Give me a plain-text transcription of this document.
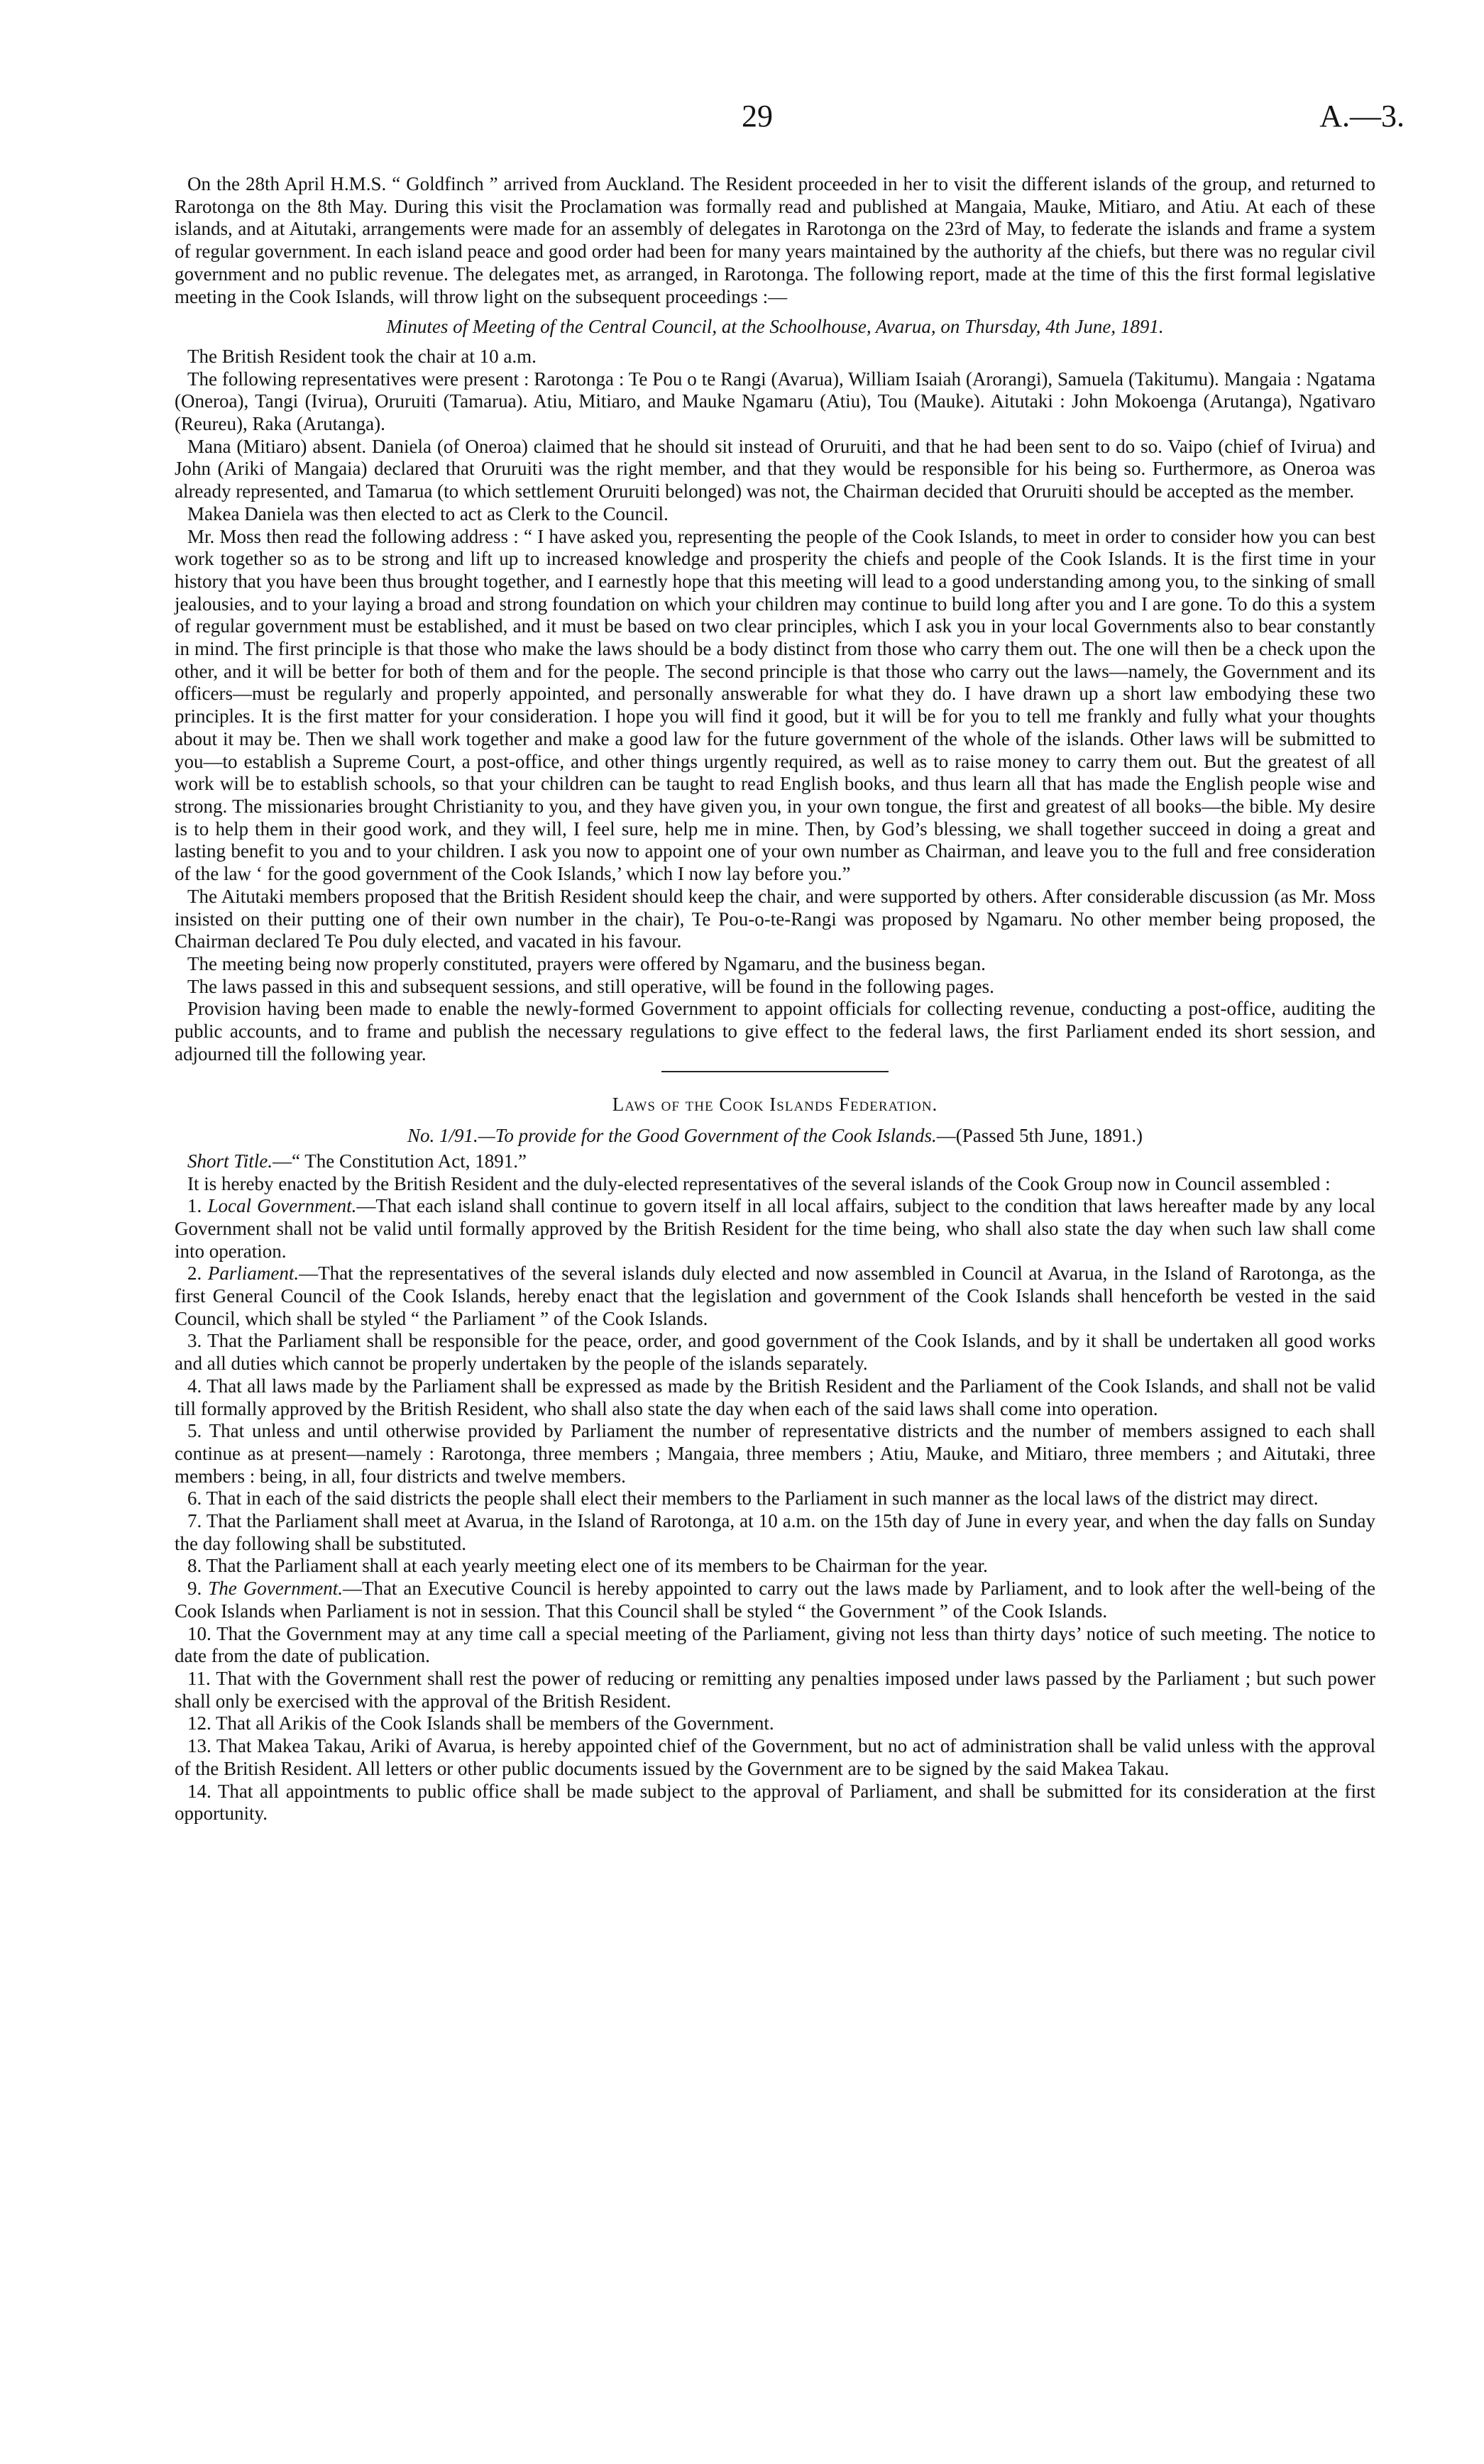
29	A.—3.

On the 28th April H.M.S. “ Goldfinch ” arrived from Auckland. The Resident proceeded in her to visit the different islands of the group, and returned to Rarotonga on the 8th May. During this visit the Proclamation was formally read and published at Mangaia, Mauke, Mitiaro, and Atiu. At each of these islands, and at Aitutaki, arrangements were made for an assembly of delegates in Rarotonga on the 23rd of May, to federate the islands and frame a system of regular government. In each island peace and good order had been for many years maintained by the authority af the chiefs, but there was no regular civil government and no public revenue. The delegates met, as arranged, in Rarotonga. The following report, made at the time of this the first formal legislative meeting in the Cook Islands, will throw light on the subsequent proceedings :—

Minutes of Meeting of the Central Council, at the Schoolhouse, Avarua, on Thursday, 4th June, 1891.

The British Resident took the chair at 10 a.m.

The following representatives were present : Rarotonga : Te Pou o te Rangi (Avarua), William Isaiah (Arorangi), Samuela (Takitumu). Mangaia : Ngatama (Oneroa), Tangi (Ivirua), Oruruiti (Tamarua). Atiu, Mitiaro, and Mauke Ngamaru (Atiu), Tou (Mauke). Aitutaki : John Mokoenga (Arutanga), Ngativaro (Reureu), Raka (Arutanga).

Mana (Mitiaro) absent. Daniela (of Oneroa) claimed that he should sit instead of Oruruiti, and that he had been sent to do so. Vaipo (chief of Ivirua) and John (Ariki of Mangaia) declared that Oruruiti was the right member, and that they would be responsible for his being so. Furthermore, as Oneroa was already represented, and Tamarua (to which settlement Oruruiti belonged) was not, the Chairman decided that Oruruiti should be accepted as the member.

Makea Daniela was then elected to act as Clerk to the Council.

Mr. Moss then read the following address : “ I have asked you, representing the people of the Cook Islands, to meet in order to consider how you can best work together so as to be strong and lift up to increased knowledge and prosperity the chiefs and people of the Cook Islands. It is the first time in your history that you have been thus brought together, and I earnestly hope that this meeting will lead to a good understanding among you, to the sinking of small jealousies, and to your laying a broad and strong foundation on which your children may continue to build long after you and I are gone. To do this a system of regular government must be established, and it must be based on two clear principles, which I ask you in your local Governments also to bear constantly in mind. The first principle is that those who make the laws should be a body distinct from those who carry them out. The one will then be a check upon the other, and it will be better for both of them and for the people. The second principle is that those who carry out the laws—namely, the Government and its officers—must be regularly and properly appointed, and personally answerable for what they do. I have drawn up a short law embodying these two principles. It is the first matter for your consideration. I hope you will find it good, but it will be for you to tell me frankly and fully what your thoughts about it may be. Then we shall work together and make a good law for the future government of the whole of the islands. Other laws will be submitted to you—to establish a Supreme Court, a post-office, and other things urgently required, as well as to raise money to carry them out. But the greatest of all work will be to establish schools, so that your children can be taught to read English books, and thus learn all that has made the English people wise and strong. The missionaries brought Christianity to you, and they have given you, in your own tongue, the first and greatest of all books—the bible. My desire is to help them in their good work, and they will, I feel sure, help me in mine. Then, by God’s blessing, we shall together succeed in doing a great and lasting benefit to you and to your children. I ask you now to appoint one of your own number as Chairman, and leave you to the full and free consideration of the law ‘ for the good government of the Cook Islands,’ which I now lay before you.”

The Aitutaki members proposed that the British Resident should keep the chair, and were supported by others. After considerable discussion (as Mr. Moss insisted on their putting one of their own number in the chair), Te Pou-o-te-Rangi was proposed by Ngamaru. No other member being proposed, the Chairman declared Te Pou duly elected, and vacated in his favour.

The meeting being now properly constituted, prayers were offered by Ngamaru, and the business began.

The laws passed in this and subsequent sessions, and still operative, will be found in the following pages.

Provision having been made to enable the newly-formed Government to appoint officials for collecting revenue, conducting a post-office, auditing the public accounts, and to frame and publish the necessary regulations to give effect to the federal laws, the first Parliament ended its short session, and adjourned till the following year.

Laws of the Cook Islands Federation.

No. 1/91.—To provide for the Good Government of the Cook Islands.—(Passed 5th June, 1891.)

Short Title.—“ The Constitution Act, 1891.”

It is hereby enacted by the British Resident and the duly-elected representatives of the several islands of the Cook Group now in Council assembled :

1. Local Government.—That each island shall continue to govern itself in all local affairs, subject to the condition that laws hereafter made by any local Government shall not be valid until formally approved by the British Resident for the time being, who shall also state the day when such law shall come into operation.

2. Parliament.—That the representatives of the several islands duly elected and now assembled in Council at Avarua, in the Island of Rarotonga, as the first General Council of the Cook Islands, hereby enact that the legislation and government of the Cook Islands shall henceforth be vested in the said Council, which shall be styled “ the Parliament ” of the Cook Islands.

3. That the Parliament shall be responsible for the peace, order, and good government of the Cook Islands, and by it shall be undertaken all good works and all duties which cannot be properly undertaken by the people of the islands separately.

4. That all laws made by the Parliament shall be expressed as made by the British Resident and the Parliament of the Cook Islands, and shall not be valid till formally approved by the British Resident, who shall also state the day when each of the said laws shall come into operation.

5. That unless and until otherwise provided by Parliament the number of representative districts and the number of members assigned to each shall continue as at present—namely : Rarotonga, three members ; Mangaia, three members ; Atiu, Mauke, and Mitiaro, three members ; and Aitutaki, three members : being, in all, four districts and twelve members.

6. That in each of the said districts the people shall elect their members to the Parliament in such manner as the local laws of the district may direct.

7. That the Parliament shall meet at Avarua, in the Island of Rarotonga, at 10 a.m. on the 15th day of June in every year, and when the day falls on Sunday the day following shall be substituted.

8. That the Parliament shall at each yearly meeting elect one of its members to be Chairman for the year.

9. The Government.—That an Executive Council is hereby appointed to carry out the laws made by Parliament, and to look after the well-being of the Cook Islands when Parliament is not in session. That this Council shall be styled “ the Government ” of the Cook Islands.

10. That the Government may at any time call a special meeting of the Parliament, giving not less than thirty days’ notice of such meeting. The notice to date from the date of publication.

11. That with the Government shall rest the power of reducing or remitting any penalties imposed under laws passed by the Parliament ; but such power shall only be exercised with the approval of the British Resident.

12. That all Arikis of the Cook Islands shall be members of the Government.

13. That Makea Takau, Ariki of Avarua, is hereby appointed chief of the Government, but no act of administration shall be valid unless with the approval of the British Resident. All letters or other public documents issued by the Government are to be signed by the said Makea Takau.

14. That all appointments to public office shall be made subject to the approval of Parliament, and shall be submitted for its consideration at the first opportunity.
